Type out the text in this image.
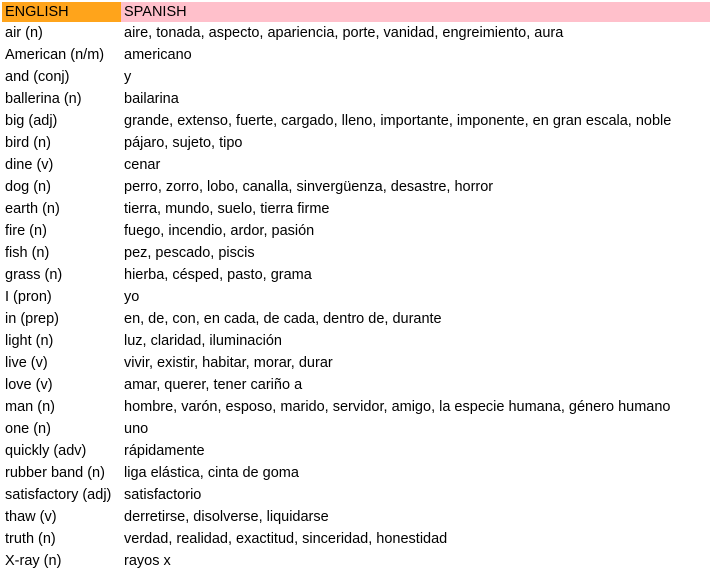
ENGLISH	SPANISH
air (n)	aire, tonada, aspecto, apariencia, porte, vanidad, engreimiento, aura
American (n/m)	americano
and (conj)	y
ballerina (n)	bailarina
big (adj)	grande, extenso, fuerte, cargado, lleno, importante, imponente, en gran escala, noble
bird (n)	pájaro, sujeto, tipo
dine (v)	cenar
dog (n)	perro, zorro, lobo, canalla, sinvergüenza, desastre, horror
earth (n)	tierra, mundo, suelo, tierra firme
fire (n)	fuego, incendio, ardor, pasión
fish (n)	pez, pescado, piscis
grass (n)	hierba, césped, pasto, grama
I (pron)	yo
in (prep)	en, de, con, en cada, de cada, dentro de, durante
light (n)	luz, claridad, iluminación
live (v)	vivir, existir, habitar, morar, durar
love (v)	amar, querer, tener cariño a
man (n)	hombre, varón, esposo, marido, servidor, amigo, la especie humana, género humano
one (n)	uno
quickly (adv)	rápidamente
rubber band (n)	liga elástica, cinta de goma
satisfactory (adj)	satisfactorio
thaw (v)	derretirse, disolverse, liquidarse
truth (n)	verdad, realidad, exactitud, sinceridad, honestidad
X-ray (n)	rayos x
